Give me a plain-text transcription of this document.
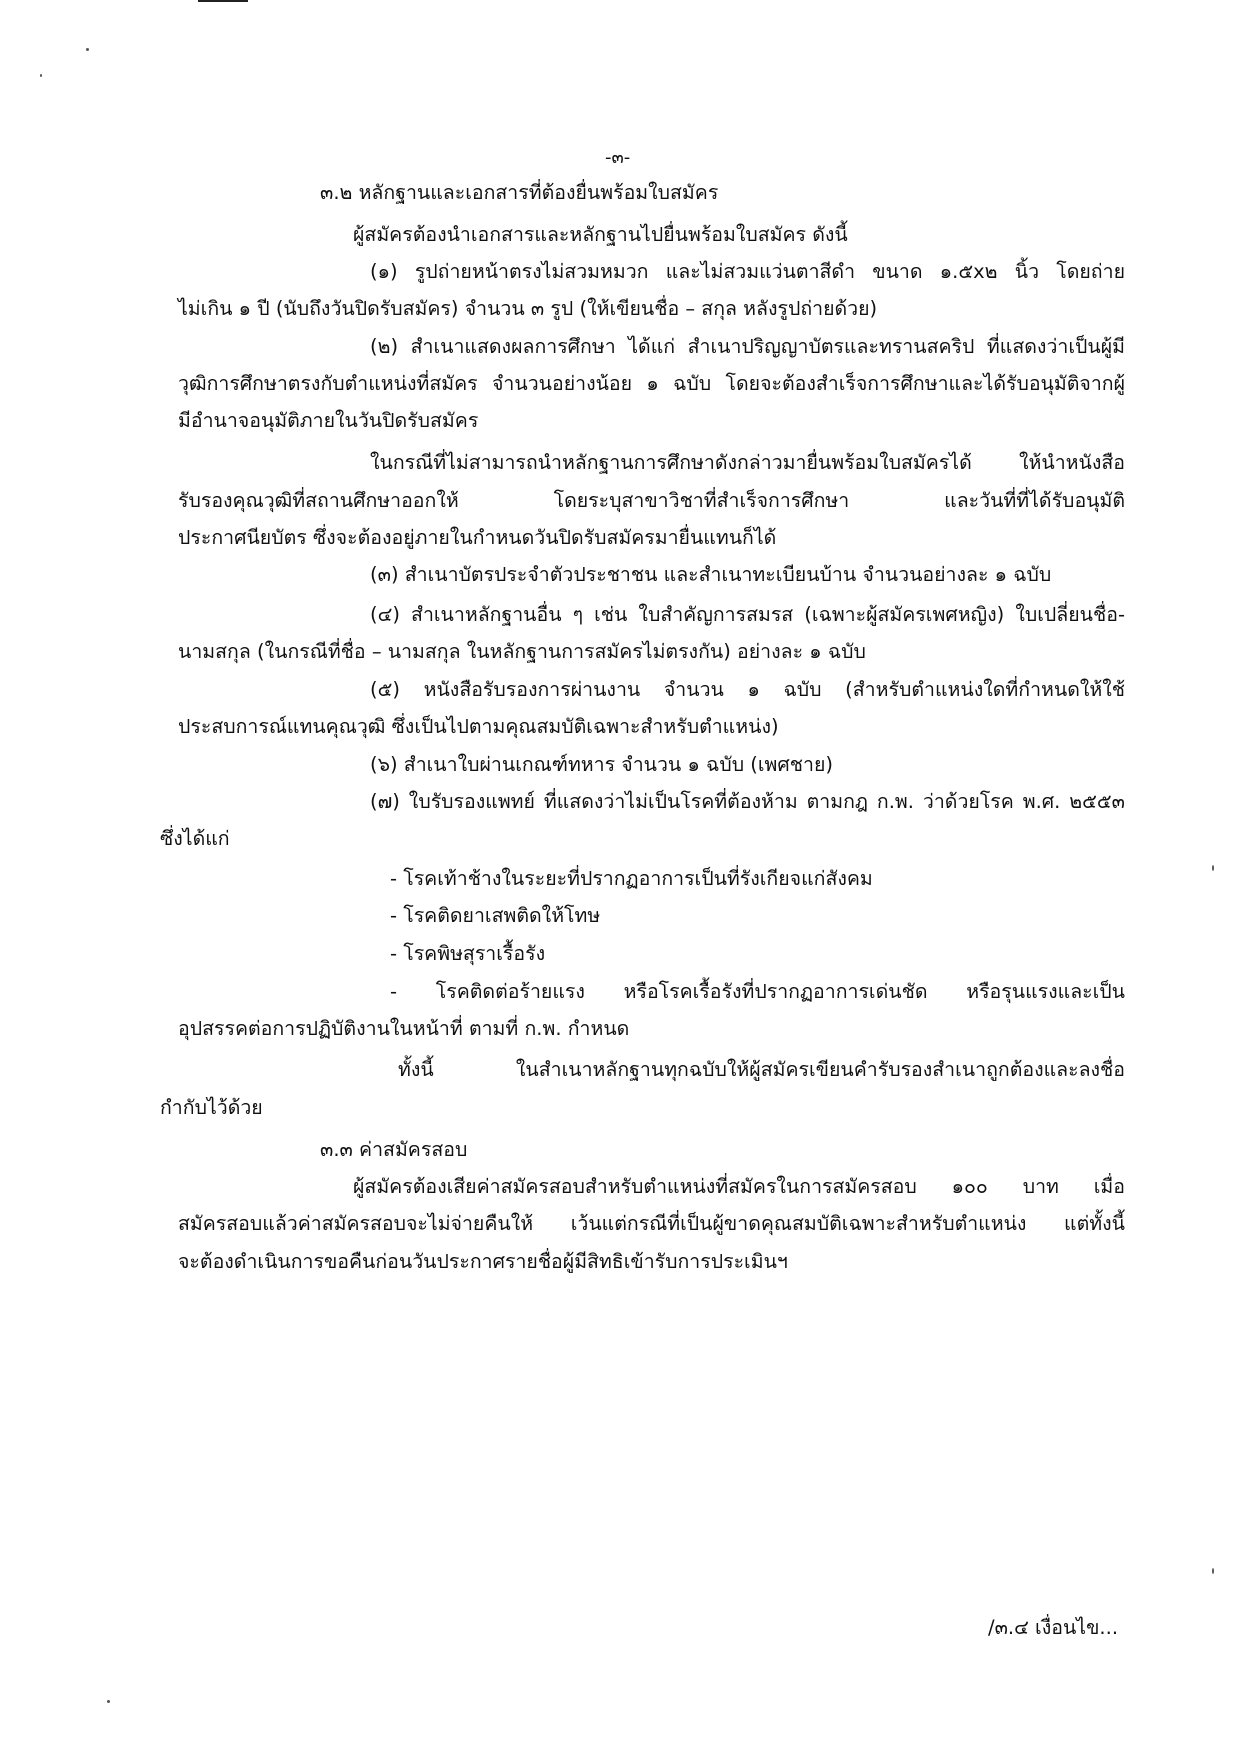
-๓-
๓.๒ หลักฐานและเอกสารที่ต้องยื่นพร้อมใบสมัคร
ผู้สมัครต้องนำเอกสารและหลักฐานไปยื่นพร้อมใบสมัคร ดังนี้
(๑) รูปถ่ายหน้าตรงไม่สวมหมวก และไม่สวมแว่นตาสีดำ ขนาด ๑.๕x๒ นิ้ว โดยถ่าย
ไม่เกิน ๑ ปี (นับถึงวันปิดรับสมัคร) จำนวน ๓ รูป (ให้เขียนชื่อ – สกุล หลังรูปถ่ายด้วย)
(๒) สำเนาแสดงผลการศึกษา ได้แก่ สำเนาปริญญาบัตรและทรานสคริป ที่แสดงว่าเป็นผู้มี
วุฒิการศึกษาตรงกับตำแหน่งที่สมัคร จำนวนอย่างน้อย ๑ ฉบับ โดยจะต้องสำเร็จการศึกษาและได้รับอนุมัติจากผู้
มีอำนาจอนุมัติภายในวันปิดรับสมัคร
ในกรณีที่ไม่สามารถนำหลักฐานการศึกษาดังกล่าวมายื่นพร้อมใบสมัครได้ ให้นำหนังสือ
รับรองคุณวุฒิที่สถานศึกษาออกให้ โดยระบุสาขาวิชาที่สำเร็จการศึกษา และวันที่ที่ได้รับอนุมัติ
ประกาศนียบัตร ซึ่งจะต้องอยู่ภายในกำหนดวันปิดรับสมัครมายื่นแทนก็ได้
(๓) สำเนาบัตรประจำตัวประชาชน และสำเนาทะเบียนบ้าน จำนวนอย่างละ ๑ ฉบับ
(๔) สำเนาหลักฐานอื่น ๆ เช่น ใบสำคัญการสมรส (เฉพาะผู้สมัครเพศหญิง) ใบเปลี่ยนชื่อ-
นามสกุล (ในกรณีที่ชื่อ – นามสกุล ในหลักฐานการสมัครไม่ตรงกัน) อย่างละ ๑ ฉบับ
(๕) หนังสือรับรองการผ่านงาน จำนวน ๑ ฉบับ (สำหรับตำแหน่งใดที่กำหนดให้ใช้
ประสบการณ์แทนคุณวุฒิ ซึ่งเป็นไปตามคุณสมบัติเฉพาะสำหรับตำแหน่ง)
(๖) สำเนาใบผ่านเกณฑ์ทหาร จำนวน ๑ ฉบับ (เพศชาย)
(๗) ใบรับรองแพทย์ ที่แสดงว่าไม่เป็นโรคที่ต้องห้าม ตามกฎ ก.พ. ว่าด้วยโรค พ.ศ. ๒๕๕๓
ซึ่งได้แก่
- โรคเท้าช้างในระยะที่ปรากฏอาการเป็นที่รังเกียจแก่สังคม
- โรคติดยาเสพติดให้โทษ
- โรคพิษสุราเรื้อรัง
- โรคติดต่อร้ายแรง หรือโรคเรื้อรังที่ปรากฏอาการเด่นชัด หรือรุนแรงและเป็น
อุปสรรคต่อการปฏิบัติงานในหน้าที่ ตามที่ ก.พ. กำหนด
ทั้งนี้ ในสำเนาหลักฐานทุกฉบับให้ผู้สมัครเขียนคำรับรองสำเนาถูกต้องและลงชื่อ
กำกับไว้ด้วย
๓.๓ ค่าสมัครสอบ
ผู้สมัครต้องเสียค่าสมัครสอบสำหรับตำแหน่งที่สมัครในการสมัครสอบ ๑๐๐ บาท เมื่อ
สมัครสอบแล้วค่าสมัครสอบจะไม่จ่ายคืนให้ เว้นแต่กรณีที่เป็นผู้ขาดคุณสมบัติเฉพาะสำหรับตำแหน่ง แต่ทั้งนี้
จะต้องดำเนินการขอคืนก่อนวันประกาศรายชื่อผู้มีสิทธิเข้ารับการประเมินฯ
/๓.๔ เงื่อนไข...
